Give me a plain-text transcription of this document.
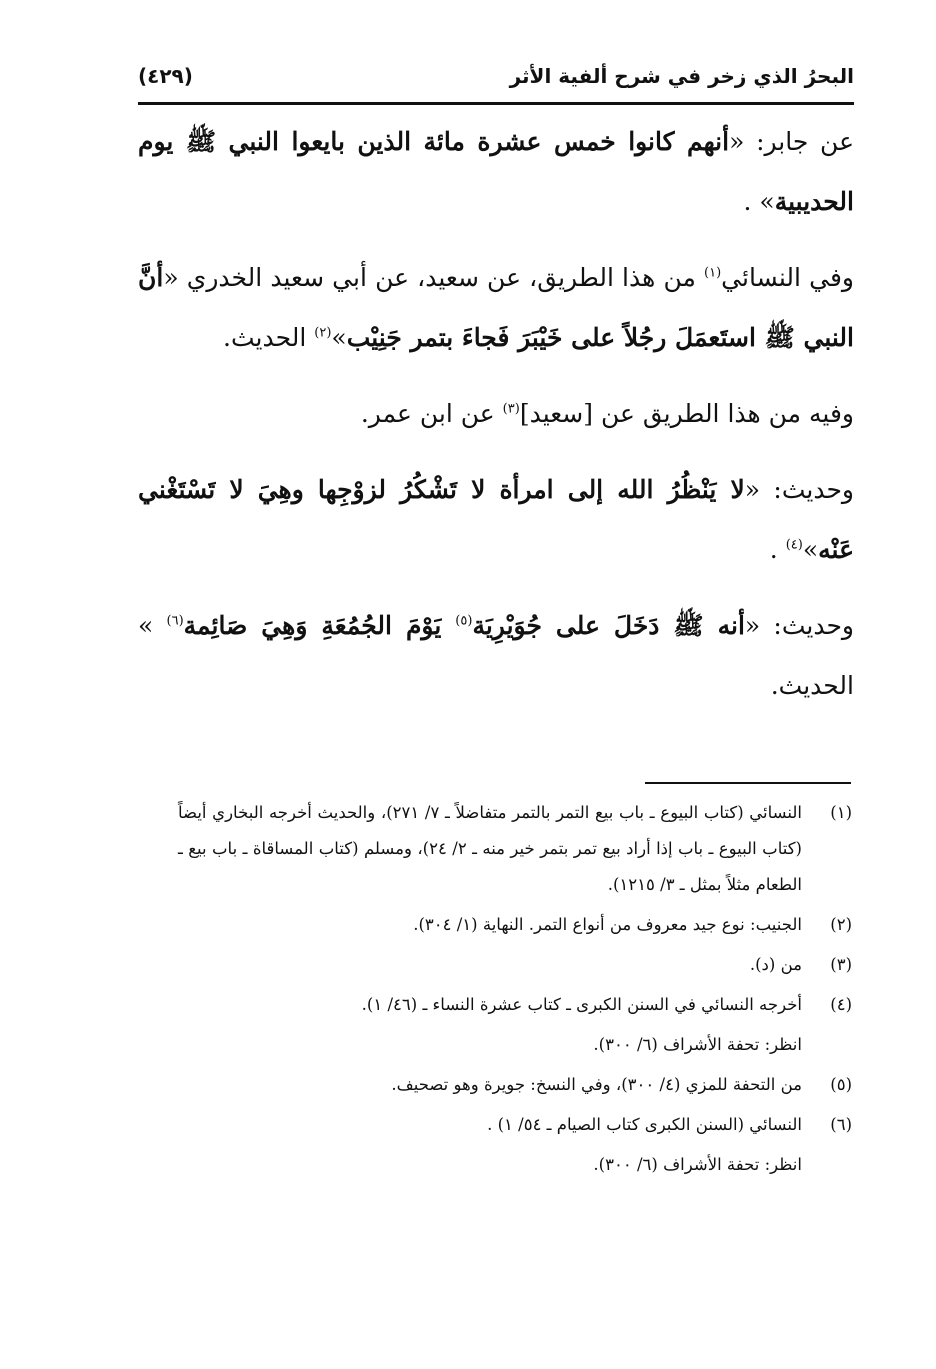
البحرُ الذي زخر في شرح ألفية الأثر
(٤٢٩)

عن جابر: «أنهم كانوا خمس عشرة مائة الذين بايعوا النبي ﷺ يوم الحديبية» .

وفي النسائي$^{(١)}$ من هذا الطريق، عن سعيد، عن أبي سعيد الخدري «أنَّ النبي ﷺ استَعمَلَ رجُلاً على خَيْبَرَ فَجاءَ بتمر جَنِيْب»$^{(٢)}$ الحديث.

وفيه من هذا الطريق عن [سعيد]$^{(٣)}$ عن ابن عمر.

وحديث: «لا يَنْظُرُ الله إلى امرأة لا تَشْكُرُ لزوْجِها وهِيَ لا تَسْتَغْني عَنْه»$^{(٤)}$ .

وحديث: «أنه ﷺ دَخَلَ على جُوَيْرِيَة$^{(٥)}$ يَوْمَ الجُمُعَةِ وَهِيَ صَائِمة$^{(٦)}$ » الحديث.

(١)
النسائي (كتاب البيوع ـ باب بيع التمر بالتمر متفاضلاً ـ ٧/ ٢٧١)، والحديث أخرجه البخاري أيضاً (كتاب البيوع ـ باب إذا أراد بيع تمر بتمر خير منه ـ ٢/ ٢٤)، ومسلم (كتاب المساقاة ـ باب بيع ـ الطعام مثلاً بمثل ـ ٣/ ١٢١٥).
(٢)
الجنيب: نوع جيد معروف من أنواع التمر. النهاية (١/ ٣٠٤).
(٣)
من (د).
(٤)
أخرجه النسائي في السنن الكبرى ـ كتاب عشرة النساء ـ (٤٦/ ١).
انظر: تحفة الأشراف (٦/ ٣٠٠).
(٥)
من التحفة للمزي (٤/ ٣٠٠)، وفي النسخ: جويرة وهو تصحيف.
(٦)
النسائي (السنن الكبرى كتاب الصيام ـ ٥٤/ ١) .
انظر: تحفة الأشراف (٦/ ٣٠٠).
